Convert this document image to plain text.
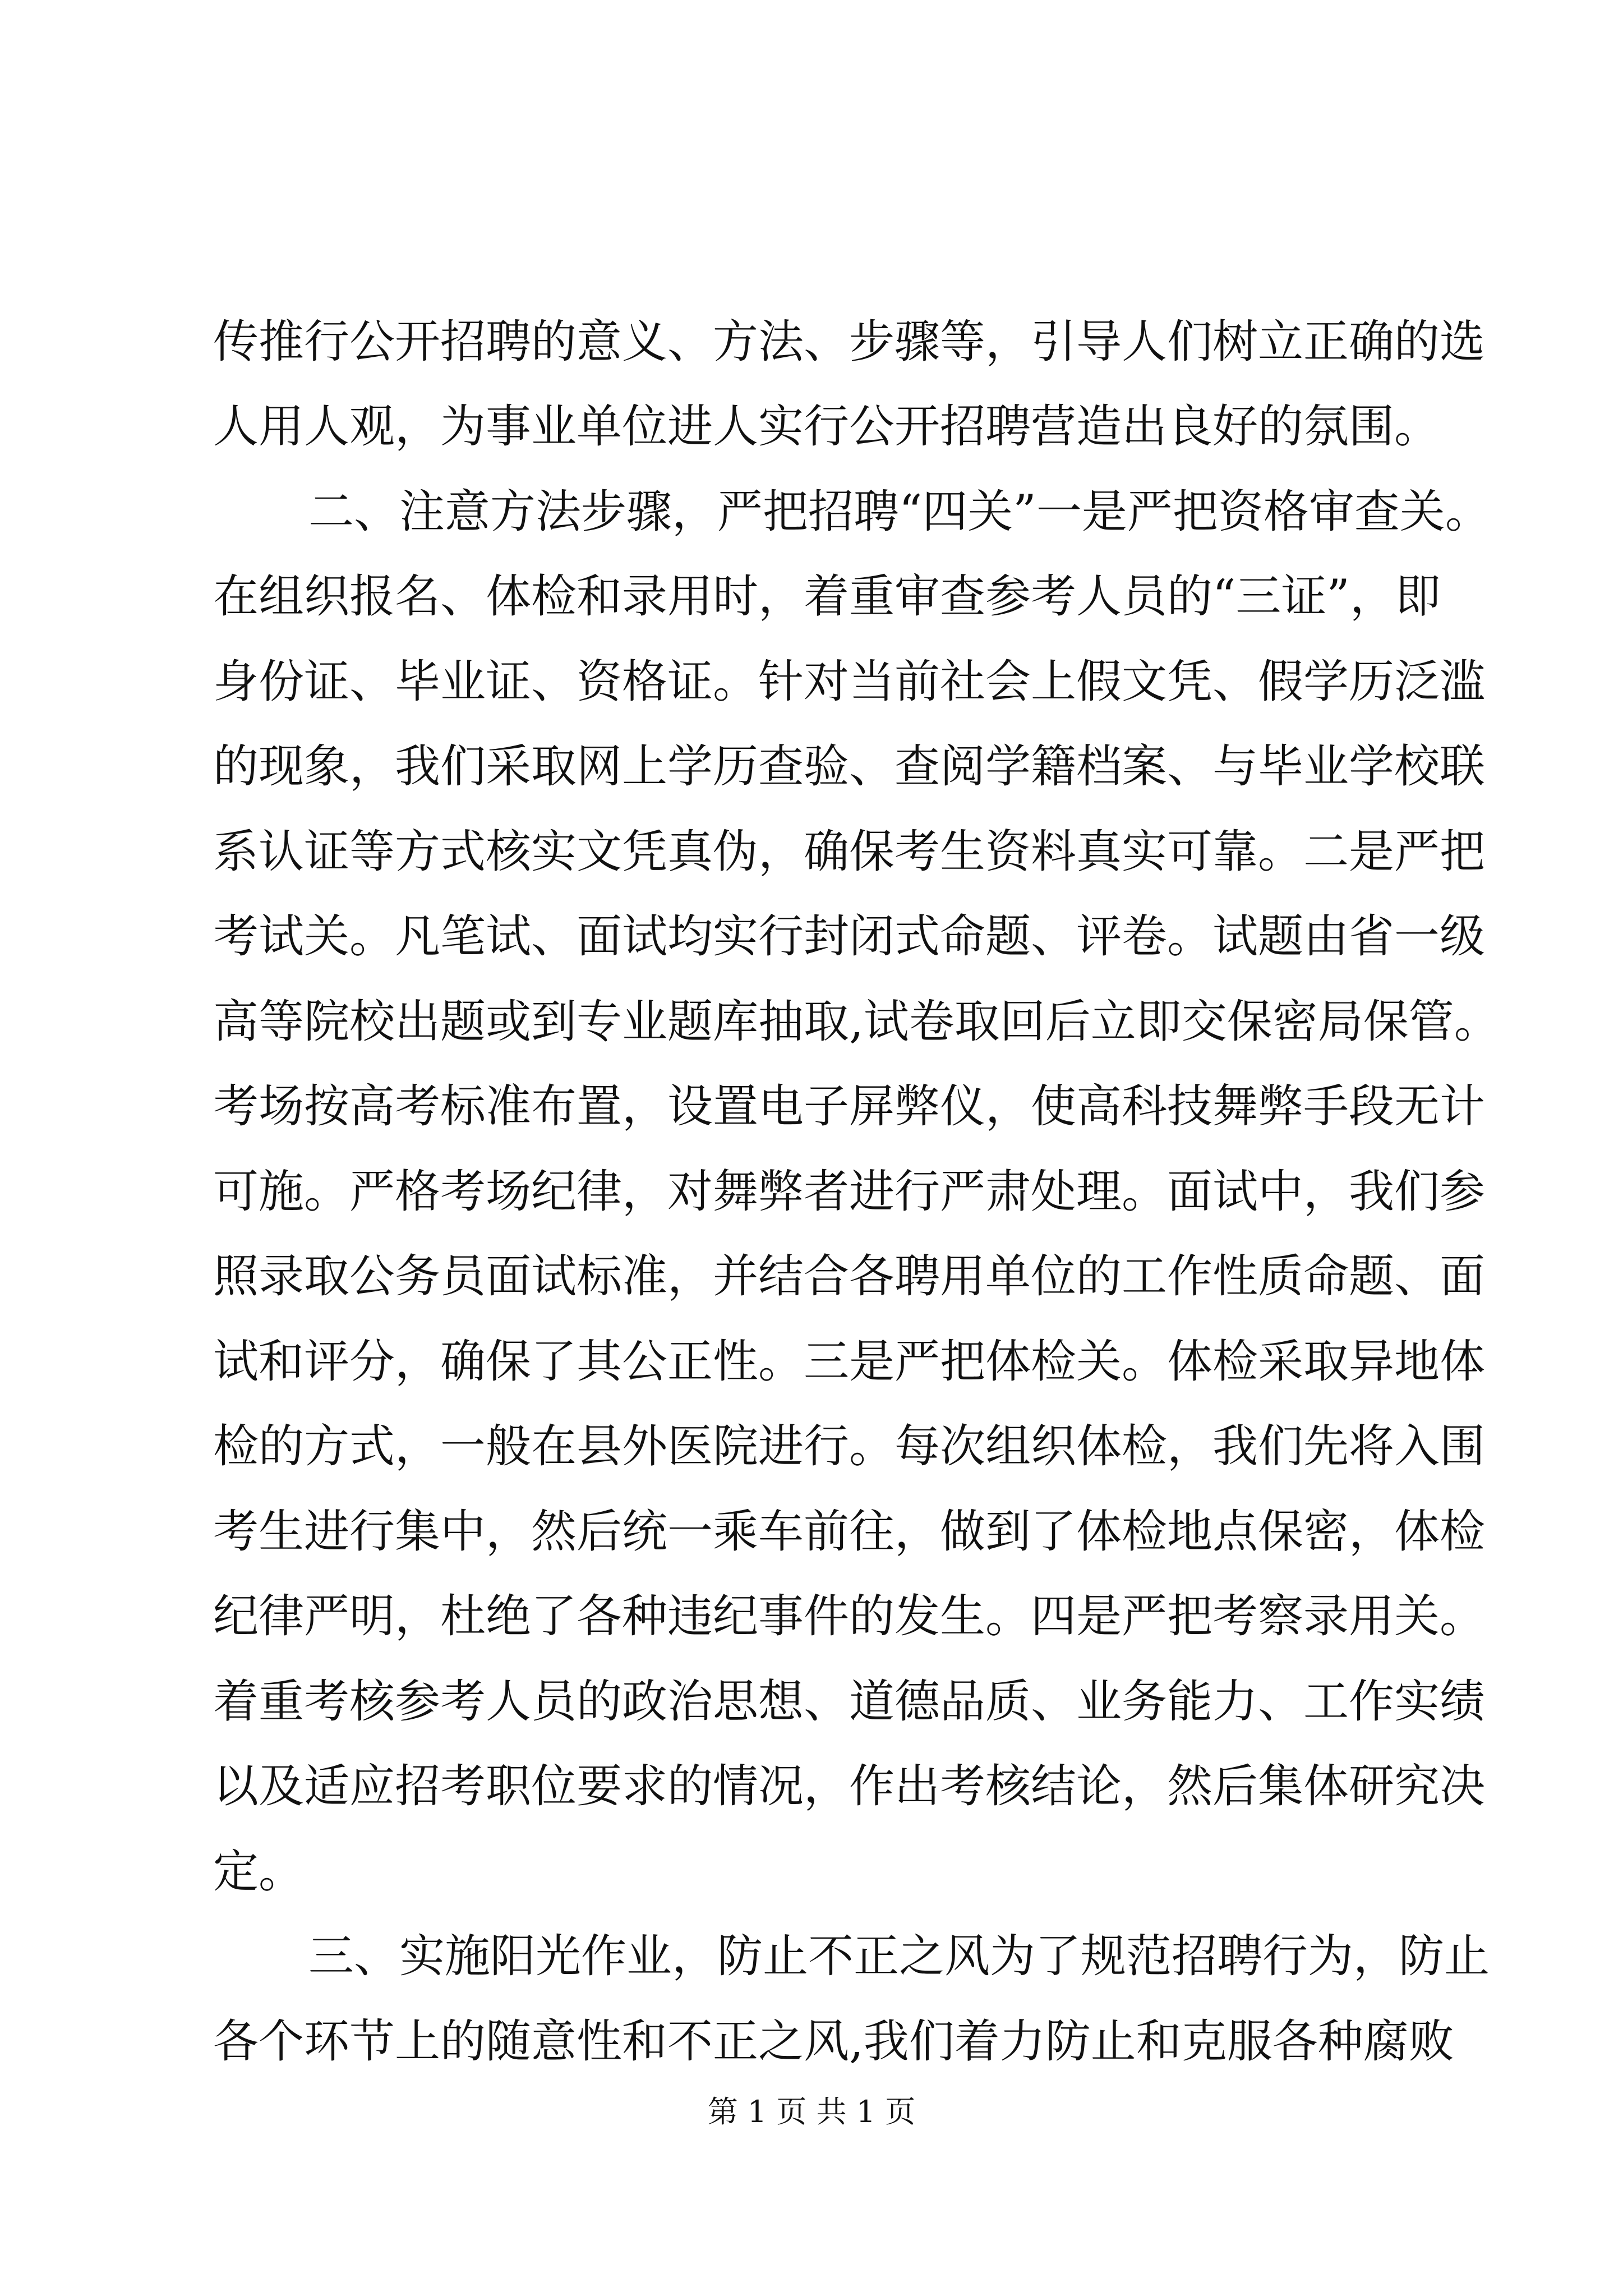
传推行公开招聘的意义、方法、步骤等，引导人们树立正确的选
人用人观，为事业单位进人实行公开招聘营造出良好的氛围。
二、注意方法步骤，严把招聘“四关”一是严把资格审查关。
在组织报名、体检和录用时，着重审查参考人员的“三证”，即
身份证、毕业证、资格证。针对当前社会上假文凭、假学历泛滥
的现象，我们采取网上学历查验、查阅学籍档案、与毕业学校联
系认证等方式核实文凭真伪，确保考生资料真实可靠。二是严把
考试关。凡笔试、面试均实行封闭式命题、评卷。试题由省一级
高等院校出题或到专业题库抽取,试卷取回后立即交保密局保管。
考场按高考标准布置，设置电子屏弊仪，使高科技舞弊手段无计
可施。严格考场纪律，对舞弊者进行严肃处理。面试中，我们参
照录取公务员面试标准，并结合各聘用单位的工作性质命题、面
试和评分，确保了其公正性。三是严把体检关。体检采取异地体
检的方式，一般在县外医院进行。每次组织体检，我们先将入围
考生进行集中，然后统一乘车前往，做到了体检地点保密，体检
纪律严明，杜绝了各种违纪事件的发生。四是严把考察录用关。
着重考核参考人员的政治思想、道德品质、业务能力、工作实绩
以及适应招考职位要求的情况，作出考核结论，然后集体研究决
定。
三、实施阳光作业，防止不正之风为了规范招聘行为，防止
各个环节上的随意性和不正之风,我们着力防止和克服各种腐败
第 1 页 共 1 页
